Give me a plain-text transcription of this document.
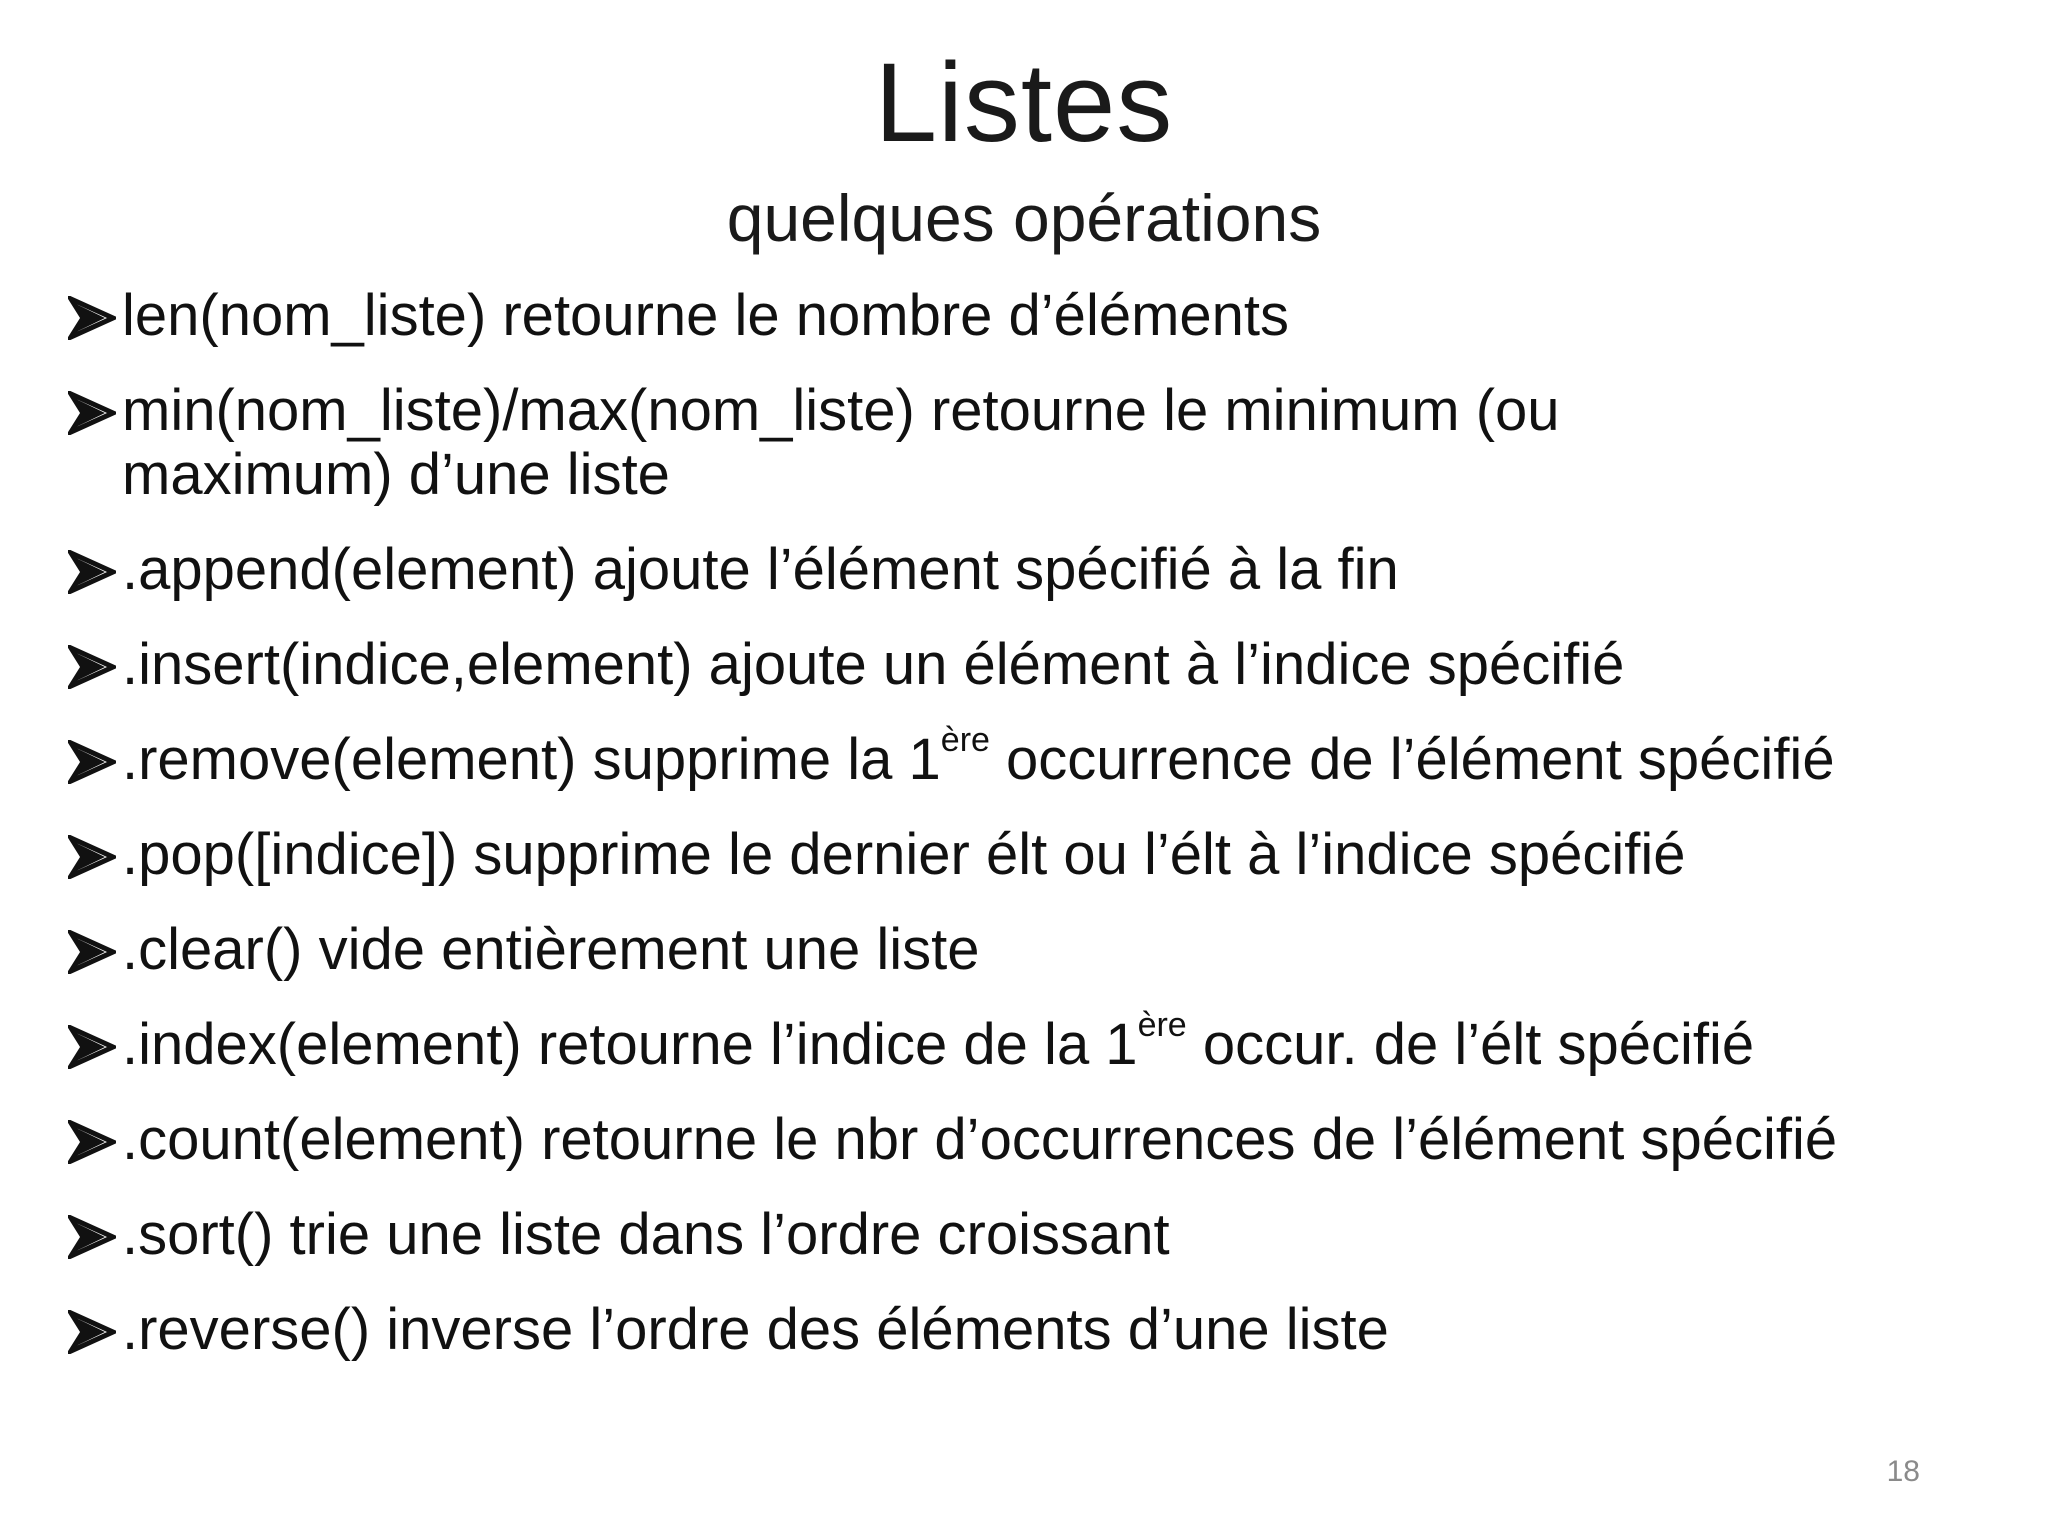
Listes
quelques opérations
len(nom_liste) retourne le nombre d’éléments
min(nom_liste)/max(nom_liste) retourne le minimum (ou maximum) d’une liste
.append(element) ajoute l’élément spécifié à la fin
.insert(indice,element) ajoute un élément à l’indice spécifié
.remove(element) supprime la 1ère occurrence de l’élément spécifié
.pop([indice]) supprime le dernier élt ou l’élt à l’indice spécifié
.clear() vide entièrement une liste
.index(element) retourne l’indice de la 1ère occur. de l’élt spécifié
.count(element) retourne le nbr d’occurrences de l’élément spécifié
.sort() trie une liste dans l’ordre croissant
.reverse() inverse l’ordre des éléments d’une liste
18
